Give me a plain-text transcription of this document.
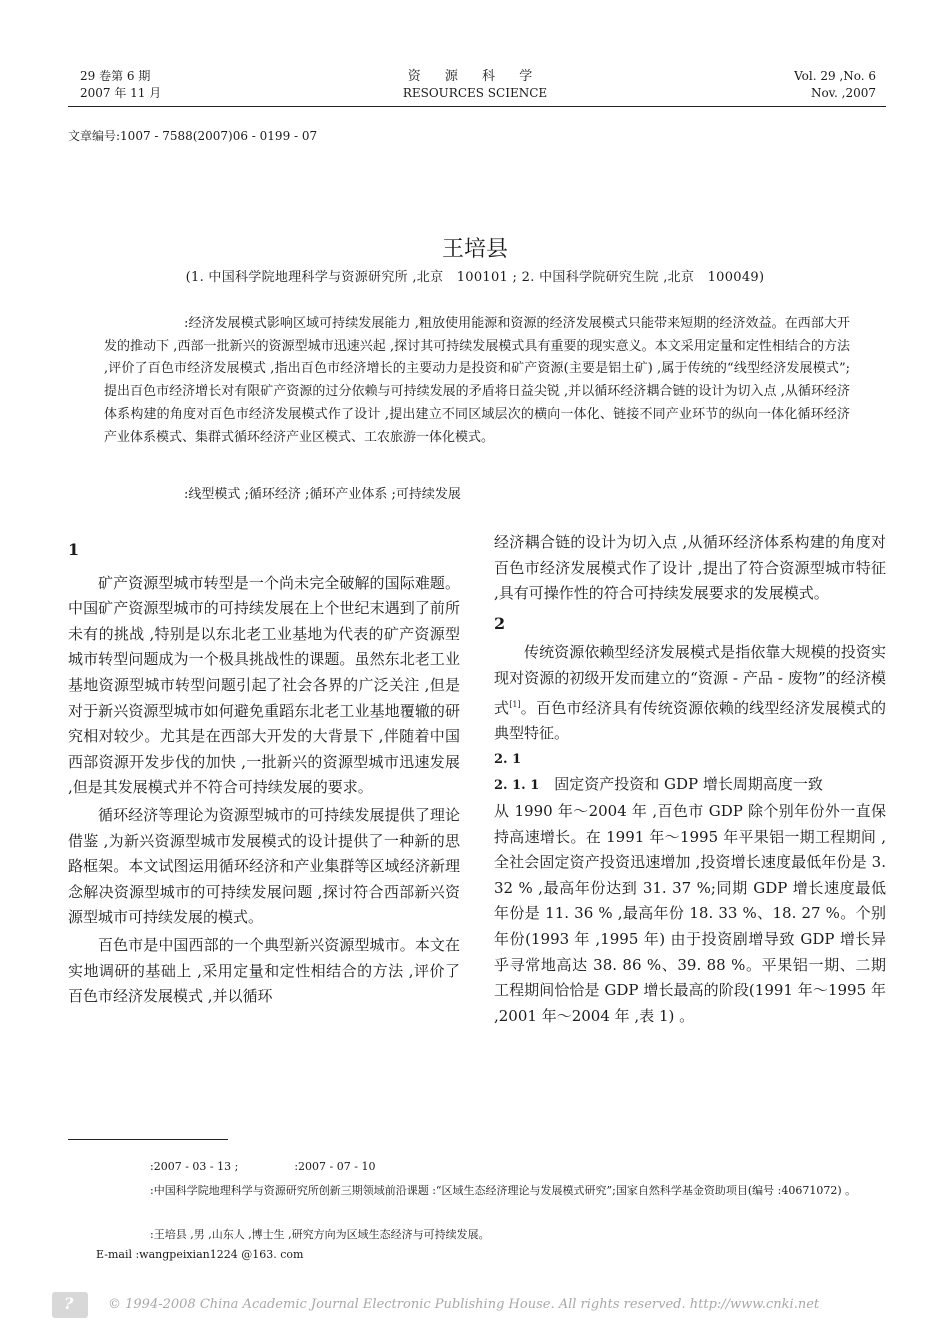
29 卷第 6 期
2007 年 11 月
资 源 科 学
RESOURCES SCIENCE
Vol. 29 ,No. 6
Nov. ,2007
文章编号:1007 - 7588(2007)06 - 0199 - 07
王培县
(1. 中国科学院地理科学与资源研究所 ,北京　100101 ; 2. 中国科学院研究生院 ,北京　100049)
:经济发展模式影响区域可持续发展能力 ,粗放使用能源和资源的经济发展模式只能带来短期的经济效益。在西部大开发的推动下 ,西部一批新兴的资源型城市迅速兴起 ,探讨其可持续发展模式具有重要的现实意义。本文采用定量和定性相结合的方法 ,评价了百色市经济发展模式 ,指出百色市经济增长的主要动力是投资和矿产资源(主要是铝土矿) ,属于传统的“线型经济发展模式”;提出百色市经济增长对有限矿产资源的过分依赖与可持续发展的矛盾将日益尖锐 ,并以循环经济耦合链的设计为切入点 ,从循环经济体系构建的角度对百色市经济发展模式作了设计 ,提出建立不同区域层次的横向一体化、链接不同产业环节的纵向一体化循环经济产业体系模式、集群式循环经济产业区模式、工农旅游一体化模式。
:线型模式 ;循环经济 ;循环产业体系 ;可持续发展

1

矿产资源型城市转型是一个尚未完全破解的国际难题。中国矿产资源型城市的可持续发展在上个世纪末遇到了前所未有的挑战 ,特别是以东北老工业基地为代表的矿产资源型城市转型问题成为一个极具挑战性的课题。虽然东北老工业基地资源型城市转型问题引起了社会各界的广泛关注 ,但是对于新兴资源型城市如何避免重蹈东北老工业基地覆辙的研究相对较少。尤其是在西部大开发的大背景下 ,伴随着中国西部资源开发步伐的加快 ,一批新兴的资源型城市迅速发展 ,但是其发展模式并不符合可持续发展的要求。

循环经济等理论为资源型城市的可持续发展提供了理论借鉴 ,为新兴资源型城市发展模式的设计提供了一种新的思路框架。本文试图运用循环经济和产业集群等区域经济新理念解决资源型城市的可持续发展问题 ,探讨符合西部新兴资源型城市可持续发展的模式。

百色市是中国西部的一个典型新兴资源型城市。本文在实地调研的基础上 ,采用定量和定性相结合的方法 ,评价了百色市经济发展模式 ,并以循环

经济耦合链的设计为切入点 ,从循环经济体系构建的角度对百色市经济发展模式作了设计 ,提出了符合资源型城市特征 ,具有可操作性的符合可持续发展要求的发展模式。

2

传统资源依赖型经济发展模式是指依靠大规模的投资实现对资源的初级开发而建立的“资源 - 产品 - 废物”的经济模式[1]。百色市经济具有传统资源依赖的线型经济发展模式的典型特征。

2. 1

2. 1. 1　 固定资产投资和 GDP 增长周期高度一致

从 1990 年～2004 年 ,百色市 GDP 除个别年份外一直保持高速增长。在 1991 年～1995 年平果铝一期工程期间 ,全社会固定资产投资迅速增加 ,投资增长速度最低年份是 3. 32 % ,最高年份达到 31. 37 %;同期 GDP 增长速度最低年份是 11. 36 % ,最高年份 18. 33 %、18. 27 %。个别年份(1993 年 ,1995 年) 由于投资剧增导致 GDP 增长异乎寻常地高达 38. 86 %、39. 88 %。平果铝一期、二期工程期间恰恰是 GDP 增长最高的阶段(1991 年～1995 年 ,2001 年～2004 年 ,表 1) 。

:2007 - 03 - 13 ;	:2007 - 07 - 10
:中国科学院地理科学与资源研究所创新三期领域前沿课题 :“区域生态经济理论与发展模式研究”;国家自然科学基金资助项目(编号 :40671072) 。
:王培县 ,男 ,山东人 ,博士生 ,研究方向为区域生态经济与可持续发展。
E-mail :wangpeixian1224 @163. com
?	© 1994-2008 China Academic Journal Electronic Publishing House. All rights reserved. http://www.cnki.net
